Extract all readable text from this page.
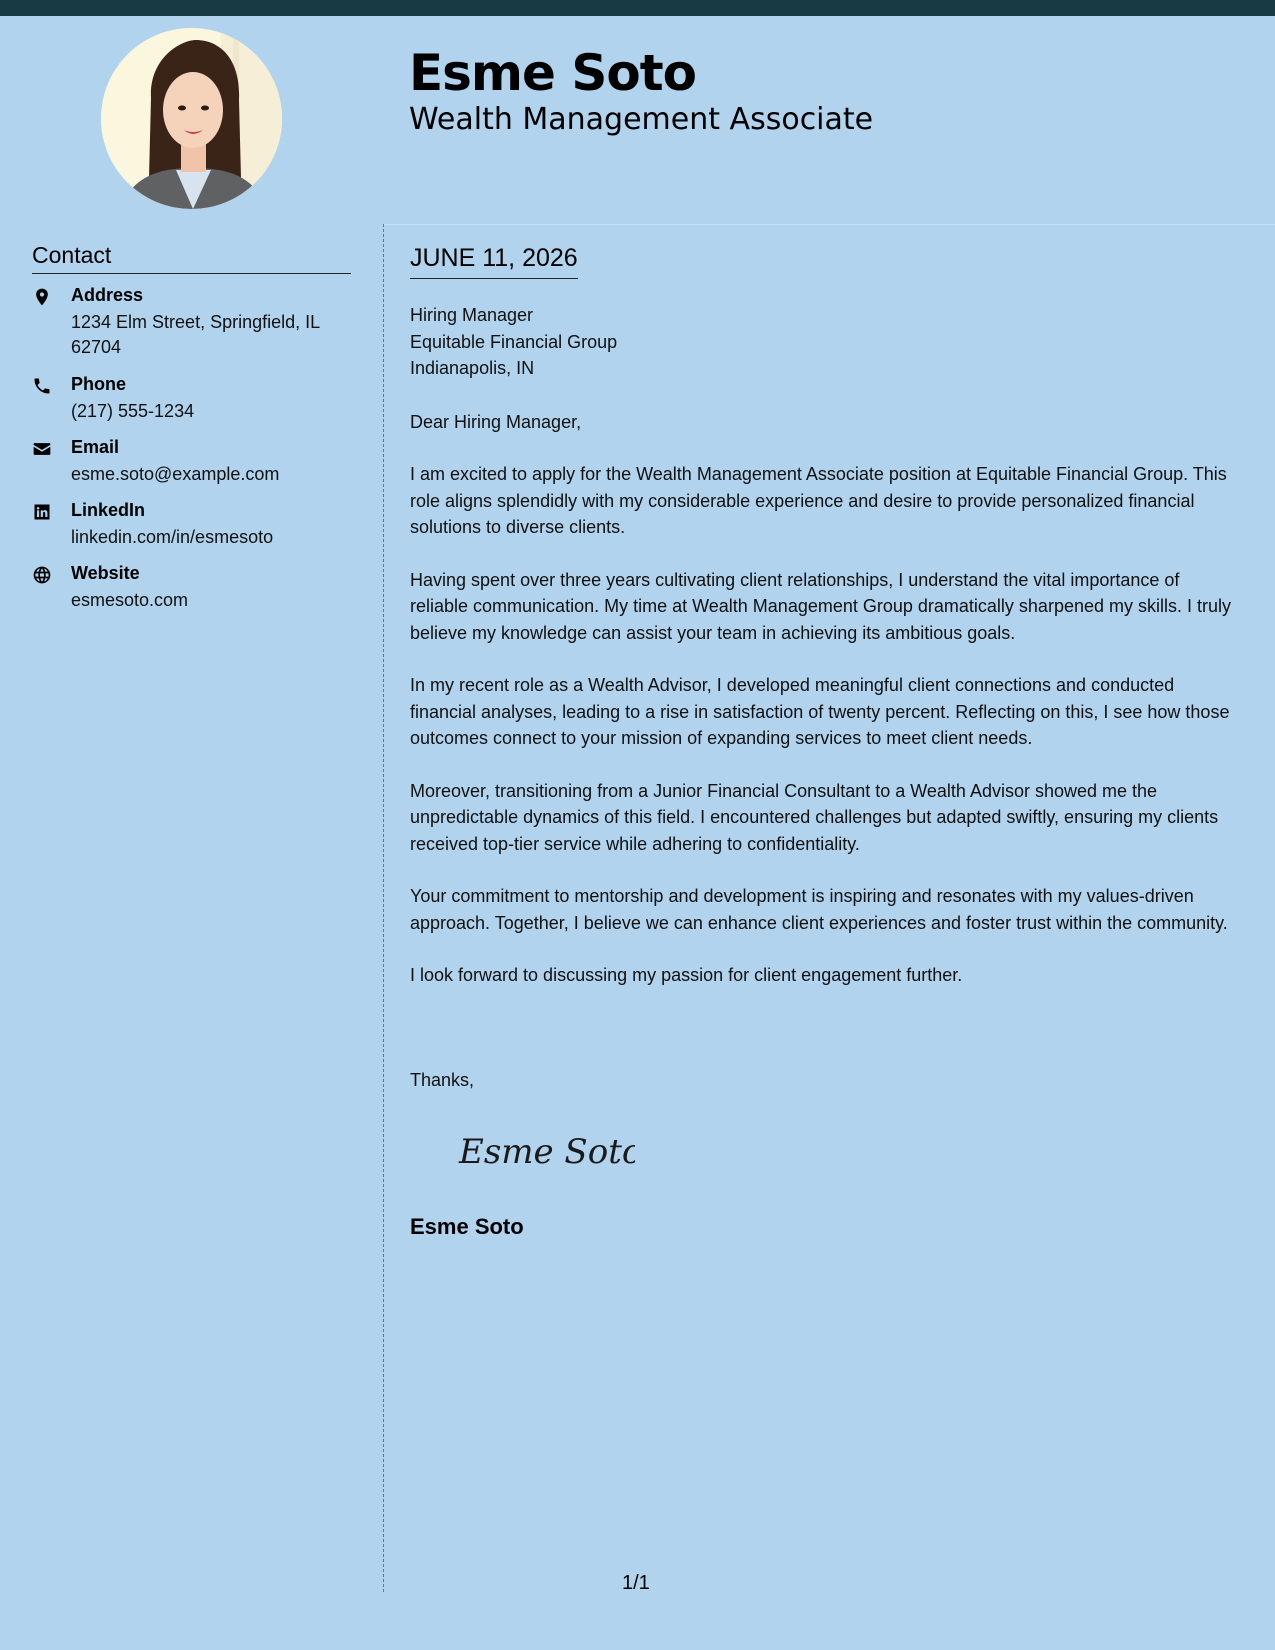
Esme Soto
Wealth Management Associate
Contact
Address
1234 Elm Street, Springfield, IL 62704
Phone
(217) 555-1234
Email
esme.soto@example.com
LinkedIn
linkedin.com/in/esmesoto
Website
esmesoto.com
JUNE 11, 2026

Hiring Manager

Equitable Financial Group

Indianapolis, IN

Dear Hiring Manager,

I am excited to apply for the Wealth Management Associate position at Equitable Financial Group. This role aligns splendidly with my considerable experience and desire to provide personalized financial solutions to diverse clients.

Having spent over three years cultivating client relationships, I understand the vital importance of reliable communication. My time at Wealth Management Group dramatically sharpened my skills. I truly believe my knowledge can assist your team in achieving its ambitious goals.

In my recent role as a Wealth Advisor, I developed meaningful client connections and conducted financial analyses, leading to a rise in satisfaction of twenty percent. Reflecting on this, I see how those outcomes connect to your mission of expanding services to meet client needs.

Moreover, transitioning from a Junior Financial Consultant to a Wealth Advisor showed me the unpredictable dynamics of this field. I encountered challenges but adapted swiftly, ensuring my clients received top-tier service while adhering to confidentiality.

Your commitment to mentorship and development is inspiring and resonates with my values-driven approach. Together, I believe we can enhance client experiences and foster trust within the community.

I look forward to discussing my passion for client engagement further.

Thanks,
Esme Soto
Esme Soto
1/1
